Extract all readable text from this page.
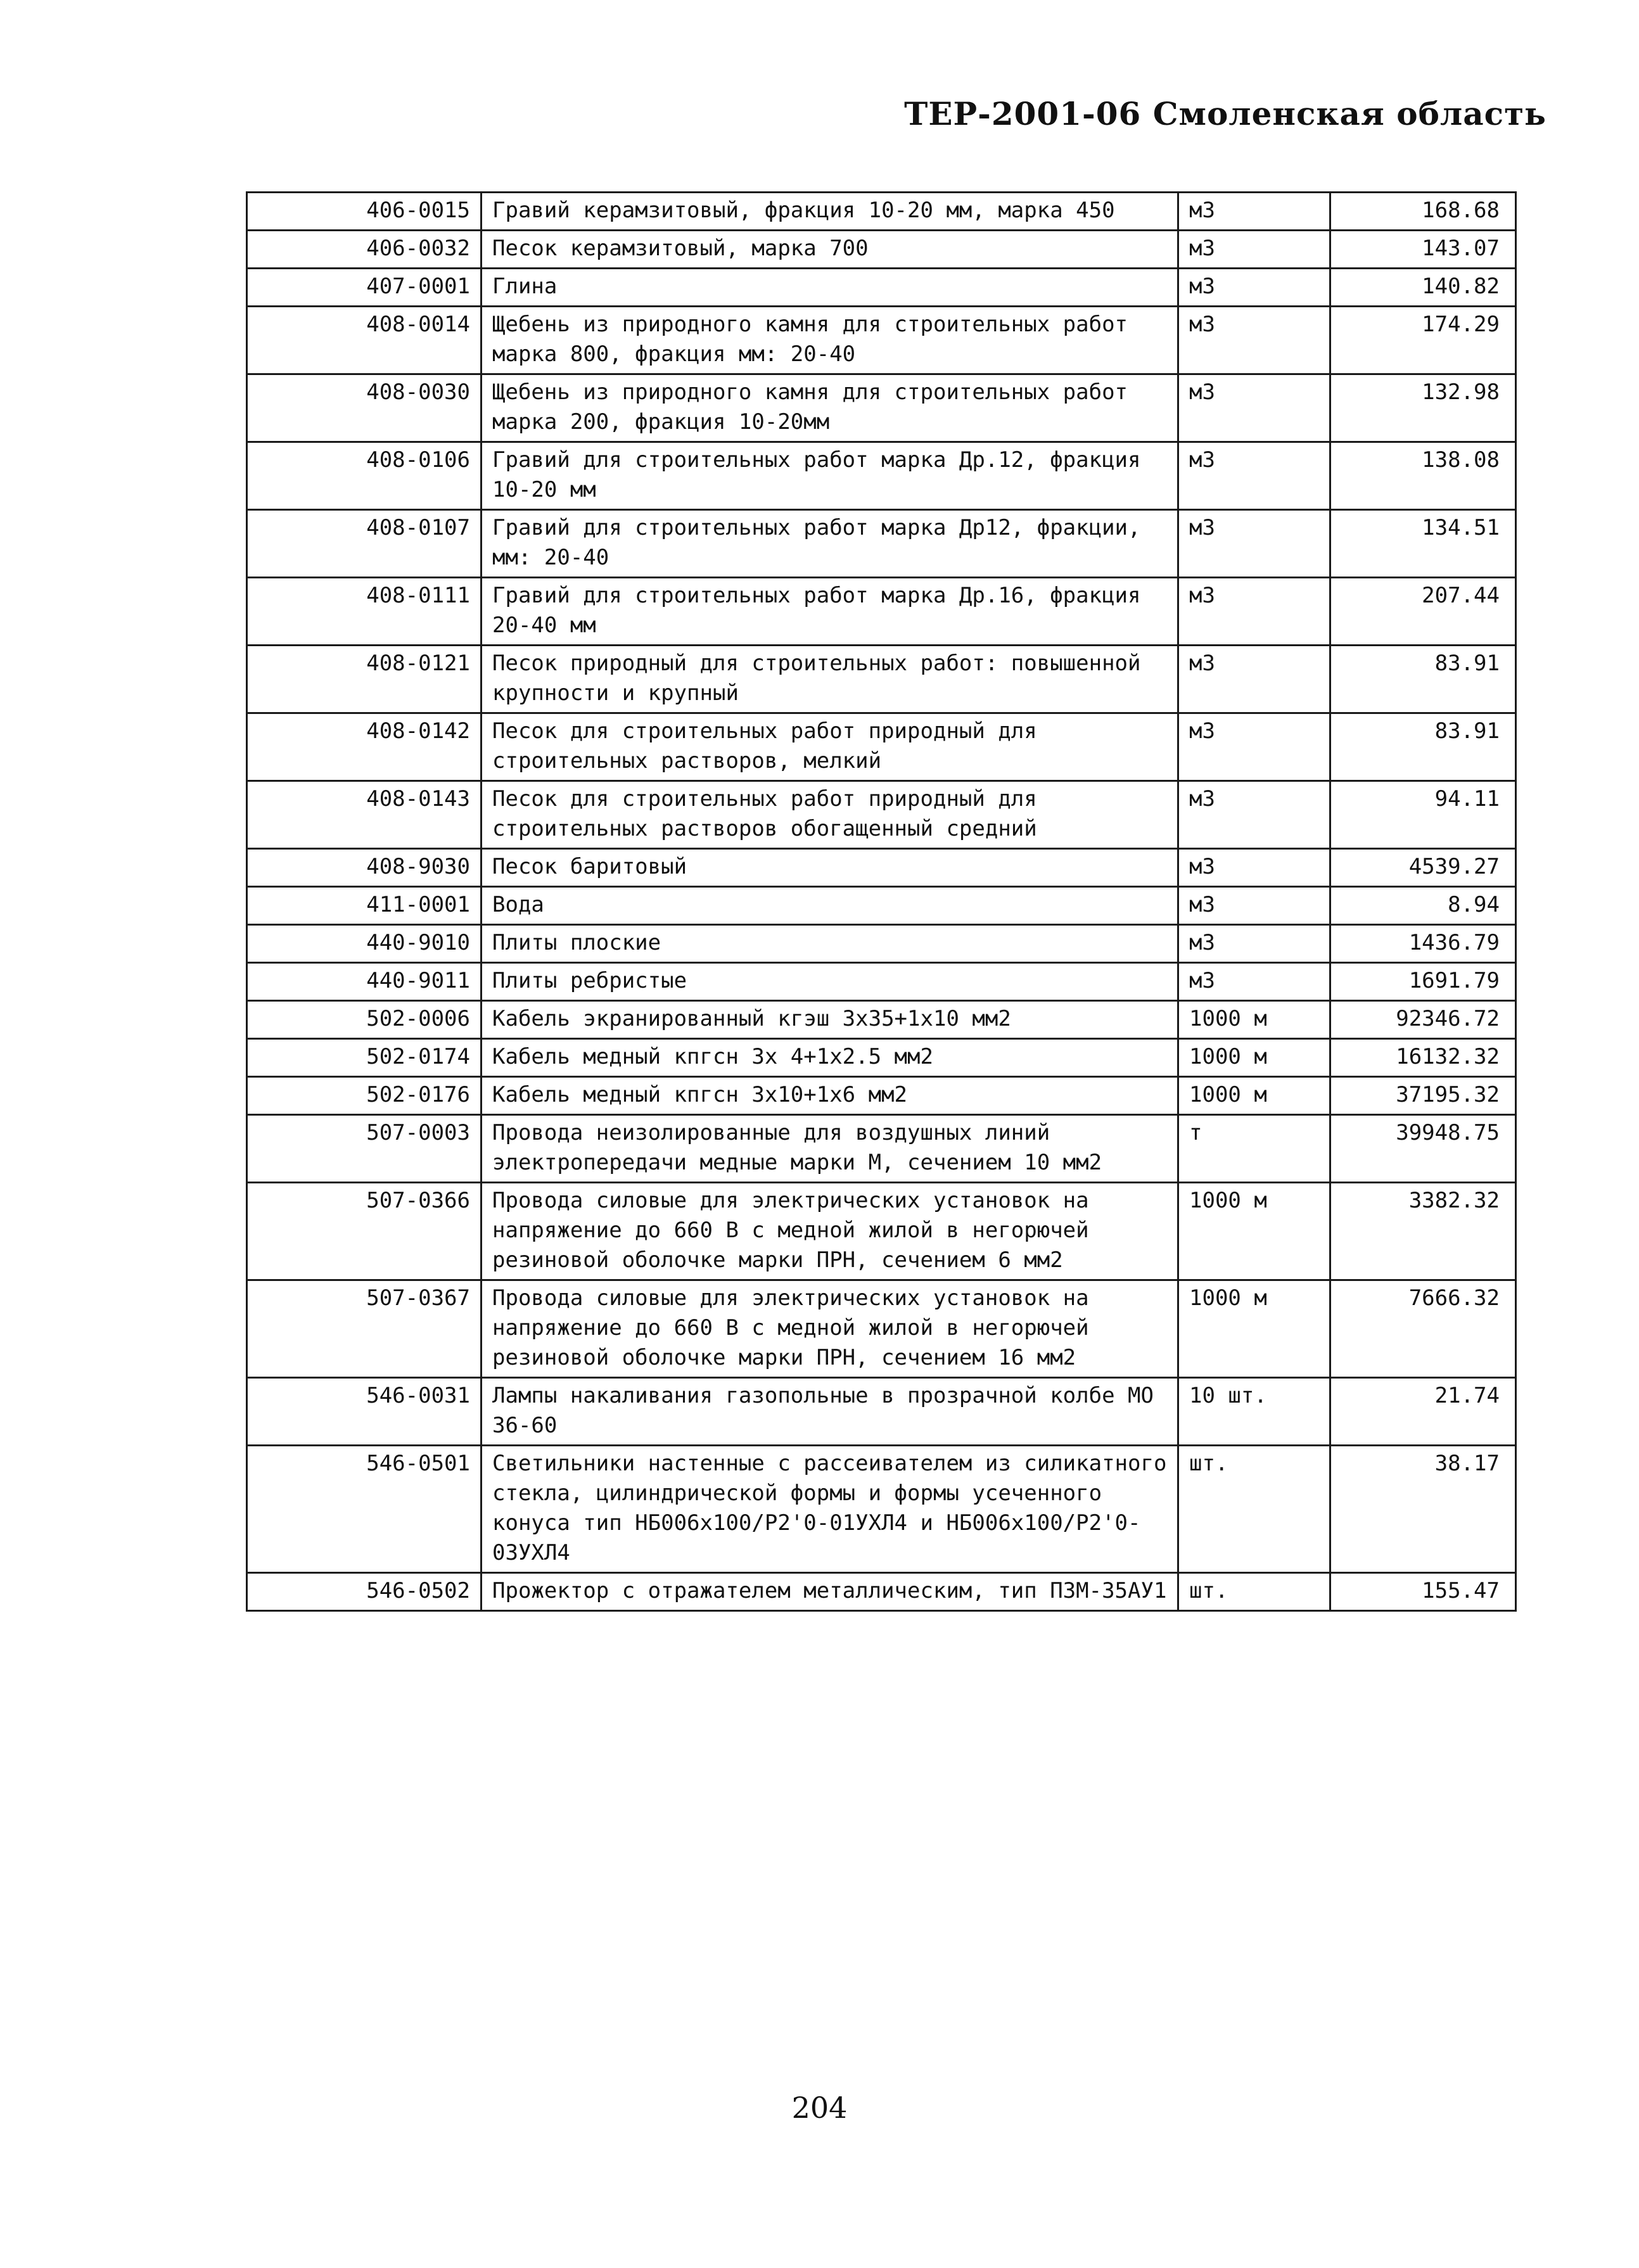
ТЕР-2001-06 Смоленская область
406-0015	Гравий керамзитовый, фракция 10-20 мм, марка 450	м3	168.68
406-0032	Песок керамзитовый, марка 700	м3	143.07
407-0001	Глина	м3	140.82
408-0014	Щебень из природного камня для строительных работ марка 800, фракция мм: 20-40	м3	174.29
408-0030	Щебень из природного камня для строительных работ марка 200, фракция 10-20мм	м3	132.98
408-0106	Гравий для строительных работ марка Др.12, фракция 10-20 мм	м3	138.08
408-0107	Гравий для строительных работ марка Др12, фракции, мм: 20-40	м3	134.51
408-0111	Гравий для строительных работ марка Др.16, фракция 20-40 мм	м3	207.44
408-0121	Песок природный для строительных работ: повышенной крупности и крупный	м3	83.91
408-0142	Песок для строительных работ природный для строительных растворов, мелкий	м3	83.91
408-0143	Песок для строительных работ природный для строительных растворов обогащенный средний	м3	94.11
408-9030	Песок баритовый	м3	4539.27
411-0001	Вода	м3	8.94
440-9010	Плиты плоские	м3	1436.79
440-9011	Плиты ребристые	м3	1691.79
502-0006	Кабель экранированный кгэш 3х35+1х10 мм2	1000 м	92346.72
502-0174	Кабель медный кпгсн 3х 4+1х2.5 мм2	1000 м	16132.32
502-0176	Кабель медный кпгсн 3х10+1х6 мм2	1000 м	37195.32
507-0003	Провода неизолированные для воздушных линий электропередачи медные марки М, сечением 10 мм2	т	39948.75
507-0366	Провода силовые для электрических установок на напряжение до 660 В с медной жилой в негорючей резиновой оболочке марки ПРН, сечением 6 мм2	1000 м	3382.32
507-0367	Провода силовые для электрических установок на напряжение до 660 В с медной жилой в негорючей резиновой оболочке марки ПРН, сечением 16 мм2	1000 м	7666.32
546-0031	Лампы накаливания газопольные в прозрачной колбе МО 36-60	10 шт.	21.74
546-0501	Светильники настенные с рассеивателем из силикатного стекла, цилиндрической формы и формы усеченного конуса тип НБ006х100/Р2'0-01УХЛ4 и НБ006х100/Р2'0-03УХЛ4	шт.	38.17
546-0502	Прожектор с отражателем металлическим, тип ПЗМ-35АУ1	шт.	155.47
204
